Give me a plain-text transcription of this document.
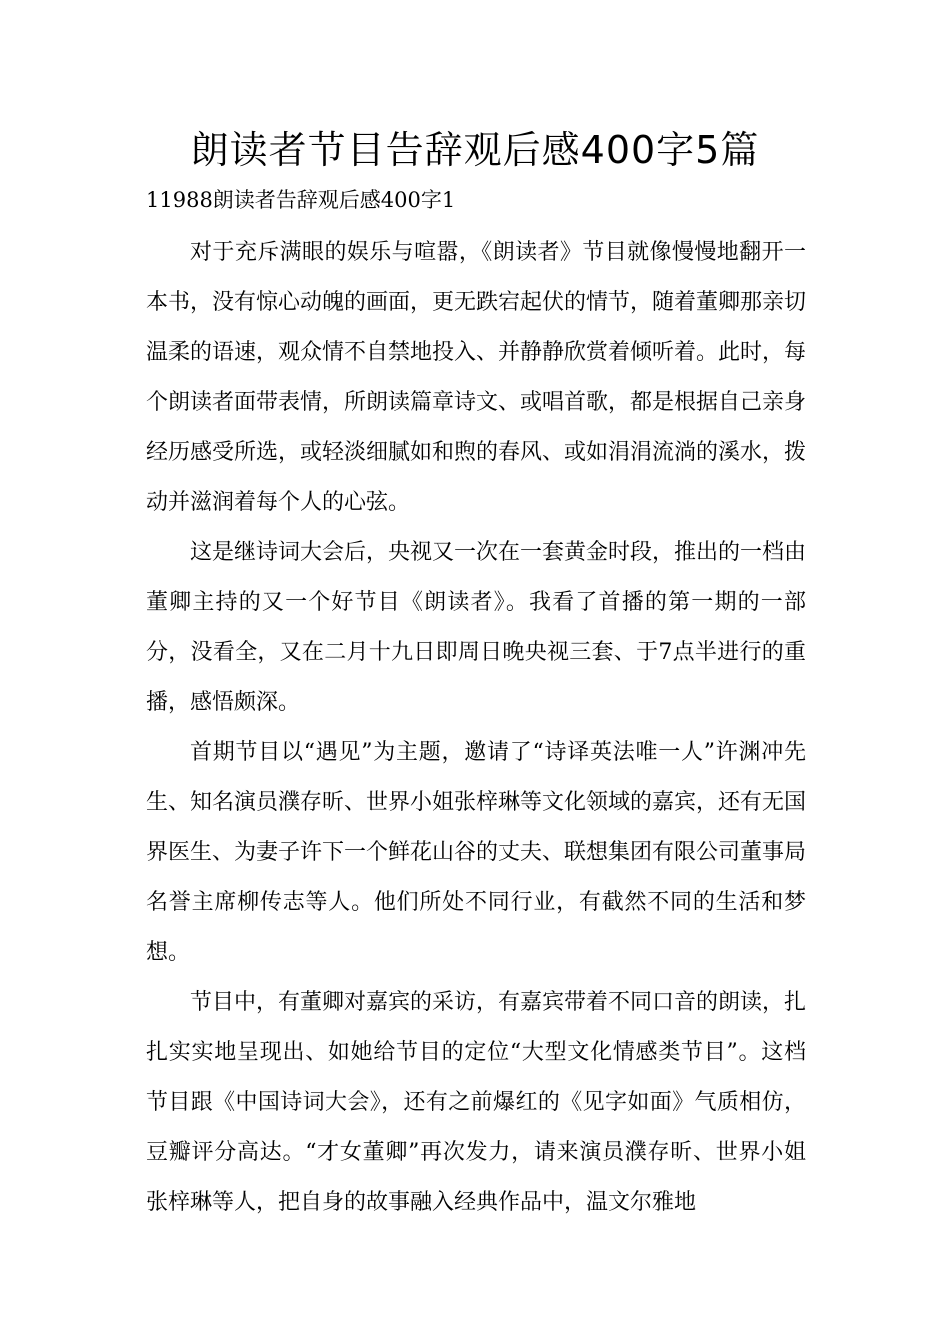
朗读者节目告辞观后感400字5篇
11988朗读者告辞观后感400字1

对于充斥满眼的娱乐与喧嚣，《朗读者》节目就像慢慢地翻开一本书，没有惊心动魄的画面，更无跌宕起伏的情节，随着董卿那亲切温柔的语速，观众情不自禁地投入、并静静欣赏着倾听着。此时，每个朗读者面带表情，所朗读篇章诗文、或唱首歌，都是根据自己亲身经历感受所选，或轻淡细腻如和煦的春风、或如涓涓流淌的溪水，拨动并滋润着每个人的心弦。

这是继诗词大会后，央视又一次在一套黄金时段，推出的一档由董卿主持的又一个好节目《朗读者》。我看了首播的第一期的一部分，没看全，又在二月十九日即周日晚央视三套、于7点半进行的重播，感悟颇深。

首期节目以“遇见”为主题，邀请了“诗译英法唯一人”许渊冲先生、知名演员濮存昕、世界小姐张梓琳等文化领域的嘉宾，还有无国界医生、为妻子许下一个鲜花山谷的丈夫、联想集团有限公司董事局名誉主席柳传志等人。他们所处不同行业，有截然不同的生活和梦想。

节目中，有董卿对嘉宾的采访，有嘉宾带着不同口音的朗读，扎扎实实地呈现出、如她给节目的定位“大型文化情感类节目”。这档节目跟《中国诗词大会》，还有之前爆红的《见字如面》气质相仿，豆瓣评分高达。“才女董卿”再次发力，请来演员濮存昕、世界小姐张梓琳等人，把自身的故事融入经典作品中，温文尔雅地
